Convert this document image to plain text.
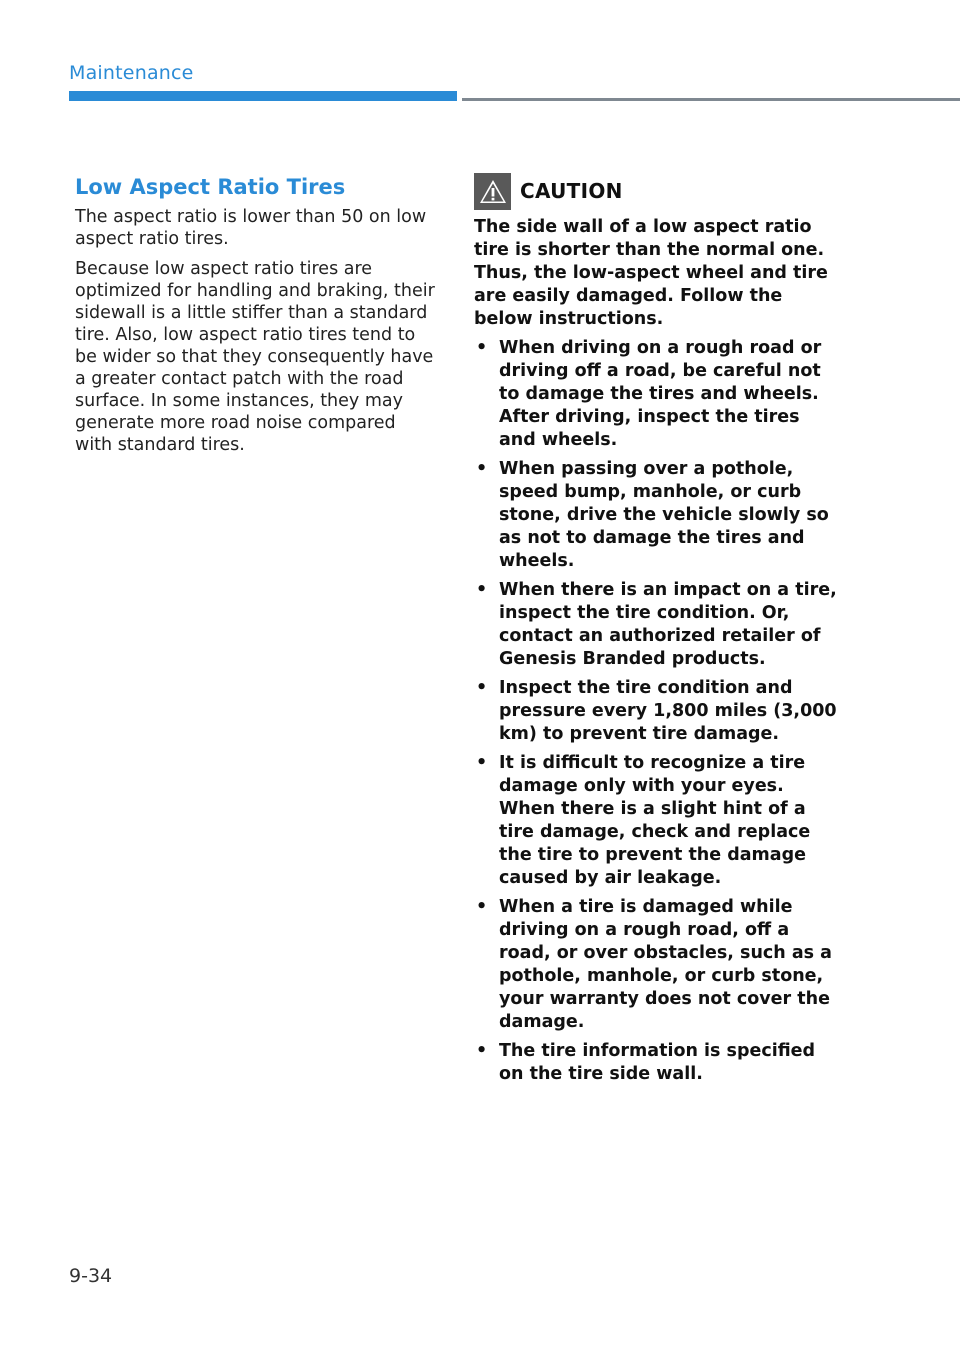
Maintenance
Low Aspect Ratio Tires

The aspect ratio is lower than 50 on low aspect ratio tires.

Because low aspect ratio tires are optimized for handling and braking, their sidewall is a little stiffer than a standard tire. Also, low aspect ratio tires tend to be wider so that they consequently have a greater contact patch with the road surface. In some instances, they may generate more road noise compared with standard tires.

CAUTION

The side wall of a low aspect ratio tire is shorter than the normal one. Thus, the low-aspect wheel and tire are easily damaged. Follow the below instructions.

• When driving on a rough road or driving off a road, be careful not to damage the tires and wheels. After driving, inspect the tires and wheels.
• When passing over a pothole, speed bump, manhole, or curb stone, drive the vehicle slowly so as not to damage the tires and wheels.
• When there is an impact on a tire, inspect the tire condition. Or, contact an authorized retailer of Genesis Branded products.
• Inspect the tire condition and pressure every 1,800 miles (3,000 km) to prevent tire damage.
• It is difficult to recognize a tire damage only with your eyes. When there is a slight hint of a tire damage, check and replace the tire to prevent the damage caused by air leakage.
• When a tire is damaged while driving on a rough road, off a road, or over obstacles, such as a pothole, manhole, or curb stone, your warranty does not cover the damage.
• The tire information is specified on the tire side wall.
9-34
